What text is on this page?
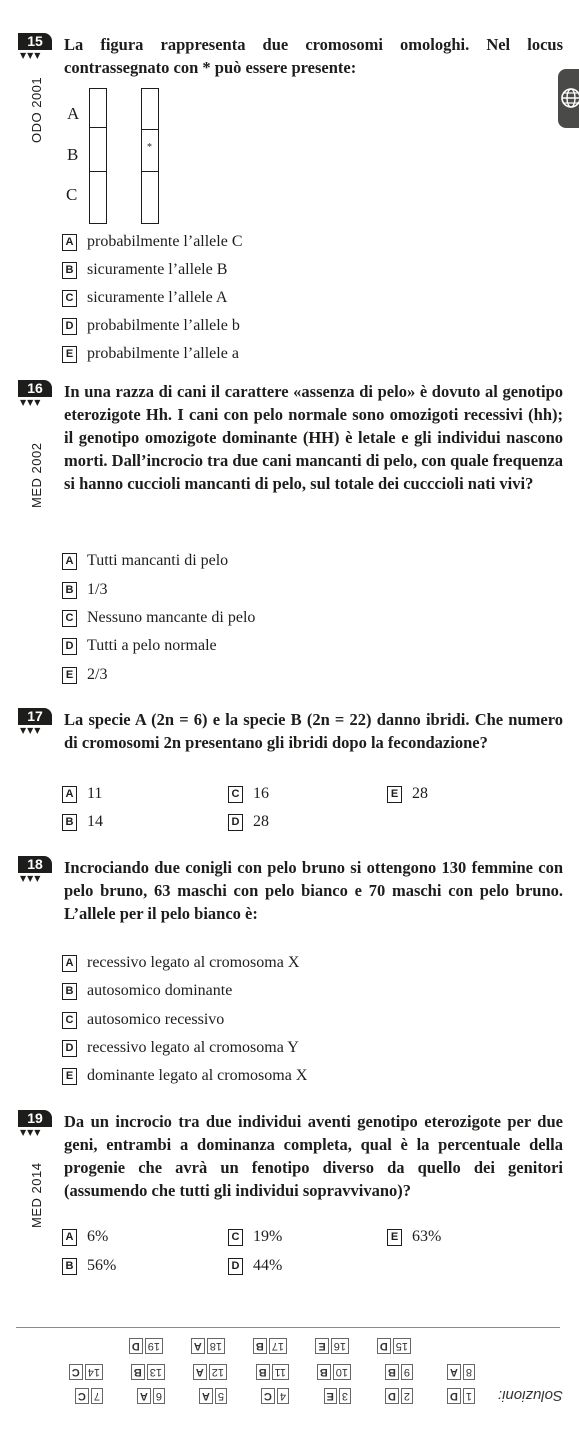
15
▼▼▼
La figura rappresenta due cromosomi omologhi. Nel locus contrassegnato con * può essere presente:
ODO 2001 A
B
C
*
A probabilmente l’allele C
B sicuramente l’allele B
C sicuramente l’allele A
D probabilmente l’allele b
E probabilmente l’allele a
16
▼▼▼
In una razza di cani il carattere «assenza di pelo» è dovuto al genotipo eterozigote Hh. I cani con pelo normale sono omozigoti recessivi (hh); il genotipo omozigote dominante (HH) è letale e gli individui nascono morti. Dall’incrocio tra due cani mancanti di pelo, con quale frequenza si hanno cuccioli mancanti di pelo, sul totale dei cucccioli nati vivi?
MED 2002
A Tutti mancanti di pelo
B 1/3
C Nessuno mancante di pelo
D Tutti a pelo normale
E 2/3
17
▼▼▼
La specie A (2n = 6) e la specie B (2n = 22) danno ibridi. Che numero di cromosomi 2n presentano gli ibridi dopo la fecondazione?
A 11
B 14
C 16
D 28
E 28
18
▼▼▼
Incrociando due conigli con pelo bruno si ottengono 130 femmine con pelo bruno, 63 maschi con pelo bianco e 70 maschi con pelo bruno. L’allele per il pelo bianco è:
A recessivo legato al cromosoma X
B autosomico dominante
C autosomico recessivo
D recessivo legato al cromosoma Y
E dominante legato al cromosoma X
19
▼▼▼
Da un incrocio tra due individui aventi genotipo eterozigote per due geni, entrambi a dominanza completa, qual è la percentuale della progenie che avrà un fenotipo diverso da quello dei genitori (assumendo che tutti gli individui sopravvivano)?
MED 2014
A 6%
B 56%
C 19%
D 44%
E 63%
Soluzioni:
1D
2D
3E
4C
5A
6A
7C
8A
9B
10B
11B
12A
13B
14C
15D
16E
17B
18A
19D
